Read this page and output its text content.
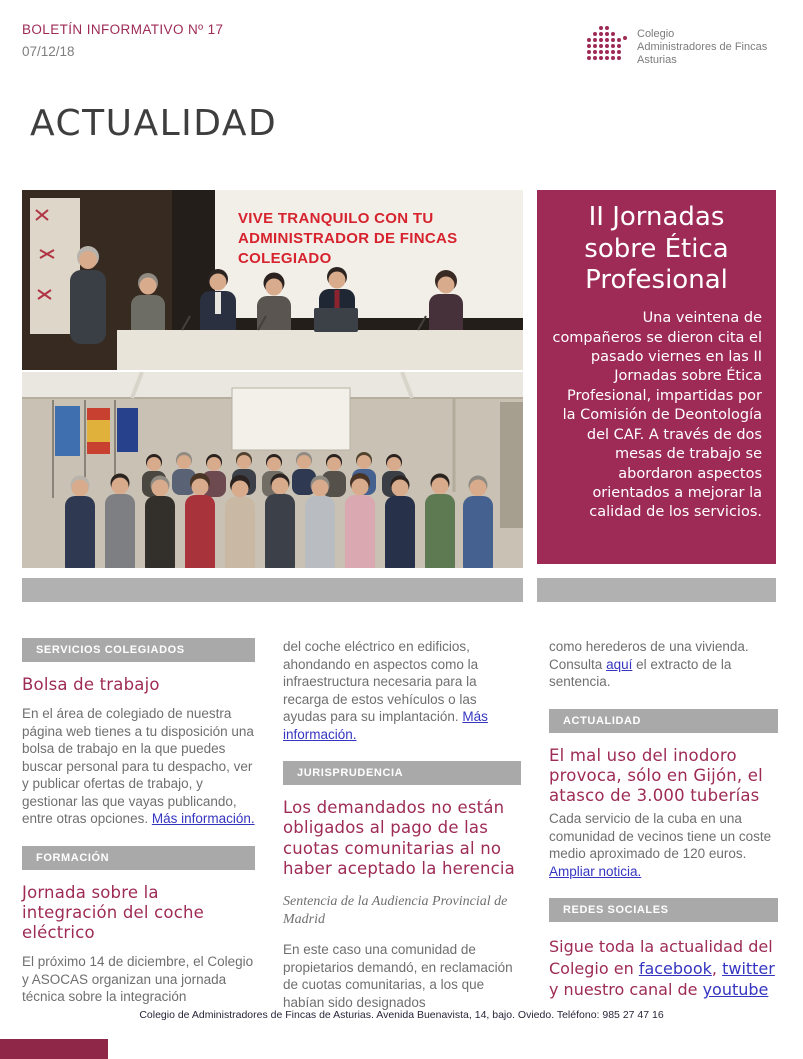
BOLETÍN INFORMATIVO Nº 17
07/12/18
Colegio
Administradores de Fincas
Asturias
ACTUALIDAD
VIVE TRANQUILO CON TU
ADMINISTRADOR DE FINCAS
COLEGIADO
II Jornadas sobre Ética Profesional

Una veintena de compañeros se dieron cita el pasado viernes en las II Jornadas sobre Ética Profesional, impartidas por la Comisión de Deontología del CAF. A través de dos mesas de trabajo se abordaron aspectos orientados a mejorar la calidad de los servicios.

SERVICIOS COLEGIADOS
Bolsa de trabajo

En el área de colegiado de nuestra página web tienes a tu disposición una bolsa de trabajo en la que puedes buscar personal para tu despacho, ver y publicar ofertas de trabajo, y gestionar las que vayas publicando, entre otras opciones. Más información.

FORMACIÓN
Jornada sobre la integración del coche eléctrico

El próximo 14 de diciembre, el Colegio y ASOCAS organizan una jornada técnica sobre la integración

del coche eléctrico en edificios, ahondando en aspectos como la infraestructura necesaria para la recarga de estos vehículos o las ayudas para su implantación. Más información.

JURISPRUDENCIA
Los demandados no están obligados al pago de las cuotas comunitarias al no haber aceptado la herencia
Sentencia de la Audiencia Provincial de Madrid

En este caso una comunidad de propietarios demandó, en reclamación de cuotas comunitarias, a los que habían sido designados

como herederos de una vivienda. Consulta aquí el extracto de la sentencia.

ACTUALIDAD
El mal uso del inodoro provoca, sólo en Gijón, el atasco de 3.000 tuberías

Cada servicio de la cuba en una comunidad de vecinos tiene un coste medio aproximado de 120 euros.
Ampliar noticia.

REDES SOCIALES

Sigue toda la actualidad del Colegio en facebook, twitter y nuestro canal de youtube

Colegio de Administradores de Fincas de Asturias. Avenida Buenavista, 14, bajo. Oviedo. Teléfono: 985 27 47 16
